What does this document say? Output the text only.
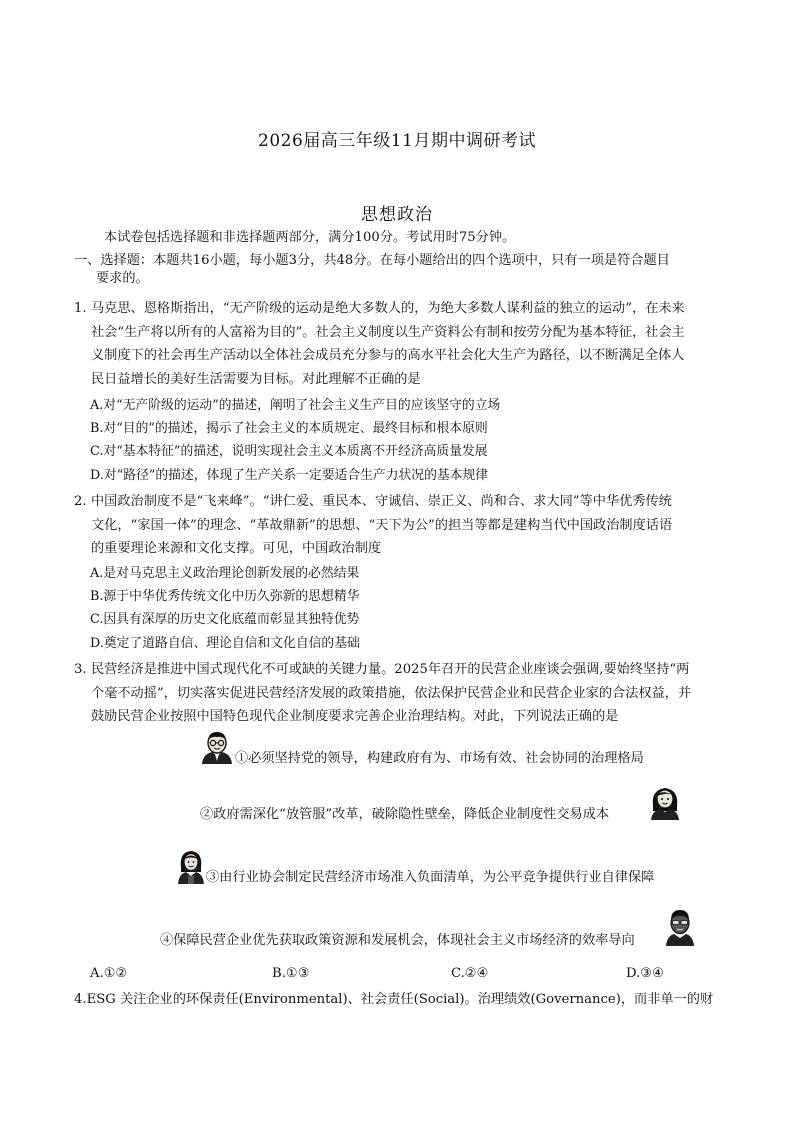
2026届高三年级11月期中调研考试
思想政治
本试卷包括选择题和非选择题两部分，满分100分。考试用时75分钟。
一、选择题：本题共16小题，每小题3分，共48分。在每小题给出的四个选项中，只有一项是符合题目
要求的。
1. 马克思、恩格斯指出，“无产阶级的运动是绝大多数人的，为绝大多数人谋利益的独立的运动”，在未来
社会“生产将以所有的人富裕为目的”。社会主义制度以生产资料公有制和按劳分配为基本特征，社会主
义制度下的社会再生产活动以全体社会成员充分参与的高水平社会化大生产为路径，以不断满足全体人
民日益增长的美好生活需要为目标。对此理解不正确的是
A.对“无产阶级的运动”的描述，阐明了社会主义生产目的应该坚守的立场
B.对“目的”的描述，揭示了社会主义的本质规定、最终目标和根本原则
C.对“基本特征”的描述，说明实现社会主义本质离不开经济高质量发展
D.对“路径”的描述，体现了生产关系一定要适合生产力状况的基本规律
2. 中国政治制度不是“飞来峰”。“讲仁爱、重民本、守诚信、崇正义、尚和合、求大同”等中华优秀传统
文化，“家国一体”的理念、“革故鼎新”的思想、“天下为公”的担当等都是建构当代中国政治制度话语
的重要理论来源和文化支撑。可见，中国政治制度
A.是对马克思主义政治理论创新发展的必然结果
B.源于中华优秀传统文化中历久弥新的思想精华
C.因具有深厚的历史文化底蕴而彰显其独特优势
D.奠定了道路自信、理论自信和文化自信的基础
3. 民营经济是推进中国式现代化不可或缺的关键力量。2025年召开的民营企业座谈会强调,要始终坚持“两
个毫不动摇”，切实落实促进民营经济发展的政策措施，依法保护民营企业和民营企业家的合法权益，并
鼓励民营企业按照中国特色现代企业制度要求完善企业治理结构。对此，下列说法正确的是
①必须坚持党的领导，构建政府有为、市场有效、社会协同的治理格局
②政府需深化“放管服”改革，破除隐性壁垒，降低企业制度性交易成本
③由行业协会制定民营经济市场准入负面清单，为公平竞争提供行业自律保障
④保障民营企业优先获取政策资源和发展机会，体现社会主义市场经济的效率导向
A.①②	B.①③	C.②④	D.③④
4.ESG 关注企业的环保责任(Environmental)、社会责任(Social)。治理绩效(Governance)，而非单一的财
